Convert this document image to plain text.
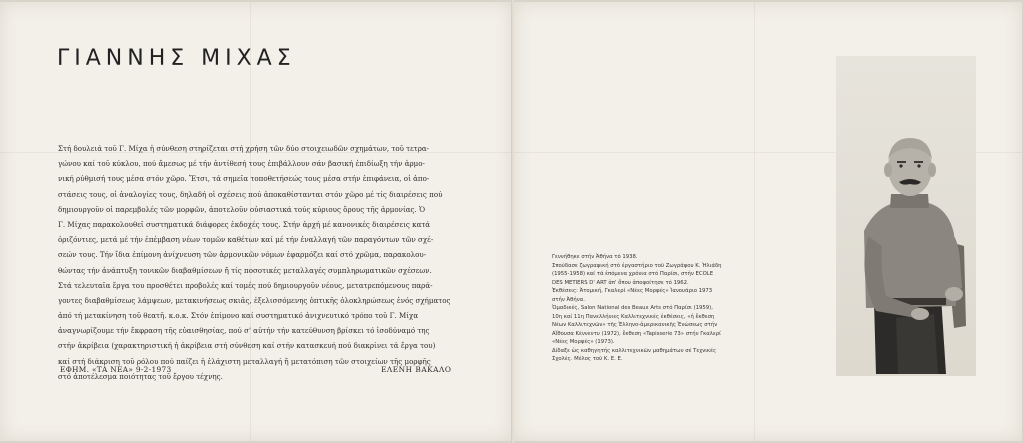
ΓΙΑΝΝΗΣ ΜΙΧΑΣ
Στή δουλειά τοῦ Γ. Μίχα ἡ σύνθεση στηρίζεται στή χρήση τῶν δύο στοιχειωδῶν σχημάτων, τοῦ τετρα-
γώνου καί τοῦ κύκλου, πού ἄμεσως μέ τήν ἀντίθεσή τους ἐπιβάλλουν σάν βασική ἐπιδίωξη τήν ἁρμο-
νική ρύθμισή τους μέσα στόν χῶρο. Ἔτσι, τά σημεῖα τοποθετήσεώς τους μέσα στήν ἐπιφάνεια, οἱ ἀπο-
στάσεις τους, οἱ ἀναλογίες τους, δηλαδή οἱ σχέσεις πού ἀποκαθίστανται στόν χῶρο μέ τίς διαιρέσεις πού
δημιουργοῦν οἱ παρεμβολές τῶν μορφῶν, ἀποτελοῦν οὐσιαστικά τούς κύριους ὅρους τῆς ἁρμονίας. Ὁ
Γ. Μίχας παρακολουθεῖ συστηματικά διάφορες ἐκδοχές τους. Στήν ἀρχή μέ κανονικές διαιρέσεις κατά
ὀριζόντιες, μετά μέ τήν ἐπέμβαση νέων τομῶν καθέτων καί μέ τήν ἐναλλαγή τῶν παραγόντων τῶν σχέ-
σεών τους. Τήν ἴδια ἐπίμονη ἀνίχνευση τῶν ἁρμονικῶν νόμων ἐφαρμόζει καί στό χρῶμα, παρακολου-
θώντας τήν ἀνάπτυξη τονικῶν διαβαθμίσεων ἤ τίς ποσοτικές μεταλλαγές συμπληρωματικῶν σχέσεων.
Στά τελευταῖα ἔργα του προσθέτει προβολές καί τομές πού δημιουργοῦν νέους, μετατρεπόμενους παρά-
γοντες διαβαθμίσεως λάμψεων, μετακινήσεως σκιᾶς, ἐξελισσόμενης ὀπτικῆς ὁλοκληρώσεως ἑνός σχήματος
ἀπό τή μετακίνηση τοῦ θεατῆ. κ.ο.κ. Στόν ἐπίμονο καί συστηματικό ἀνιχνευτικό τρόπο τοῦ Γ. Μίχα
ἀναγνωρίζουμε τήν ἔκφραση τῆς εὐαισθησίας, πού σ' αὐτήν τήν κατεύθυνση βρίσκει τό ἰσοδύναμό της
στήν ἀκρίβεια (χαρακτηριστική ἡ ἀκρίβεια στή σύνθεση καί στήν κατασκευή πού διακρίνει τά ἔργα του)
καί στή διάκριση τοῦ ρόλου πού παίζει ἡ ἐλάχιστη μεταλλαγή ἤ μετατόπιση τῶν στοιχείων τῆς μορφῆς
στό ἀποτέλεσμα ποιότητας τοῦ ἔργου τέχνης.
ΕΦΗΜ. «ΤΑ ΝΕΑ» 9-2-1973	ΕΛΕΝΗ ΒΑΚΑΛΟ
Γεννήθηκε στήν Ἀθήνα τό 1938.
Σπούδασε ζωγραφική στό ἐργαστήριο τοῦ Ζωγράφου Κ. Ἠλιάδη
(1955-1958) καί τά ἑπόμενα χρόνια στό Παρίσι, στήν ECOLE
DES METIERS D' ART ἀπ' ὅπου ἀποφοίτησε τό 1962.
Ἐκθέσεις: Ἀτομική, Γκαλερί «Νέες Μορφές» Ἰανουάριο 1973
στήν Ἀθήνα.
Ὁμαδικές, Salon National des Beaux Arts στό Παρίσι (1959),
10η καί 11η Πανελλήνιες Καλλιτεχνικές ἐκθέσεις, «ἡ ἔκθεση
Νέων Καλλιτεχνῶν» τῆς Ἑλληνο-ἀμερικανικῆς Ἑνώσεως στήν
Αἴθουσα Κέννεντυ (1972), ἔκθεση «Tapisserie 73» στήν Γκαλερί
«Νέες Μορφές» (1973).
Δίδαξε ὡς καθηγητής καλλιτεχνικῶν μαθημάτων σέ Τεχνικές
Σχολές. Μέλος τοῦ Κ. Ε. Ε.
